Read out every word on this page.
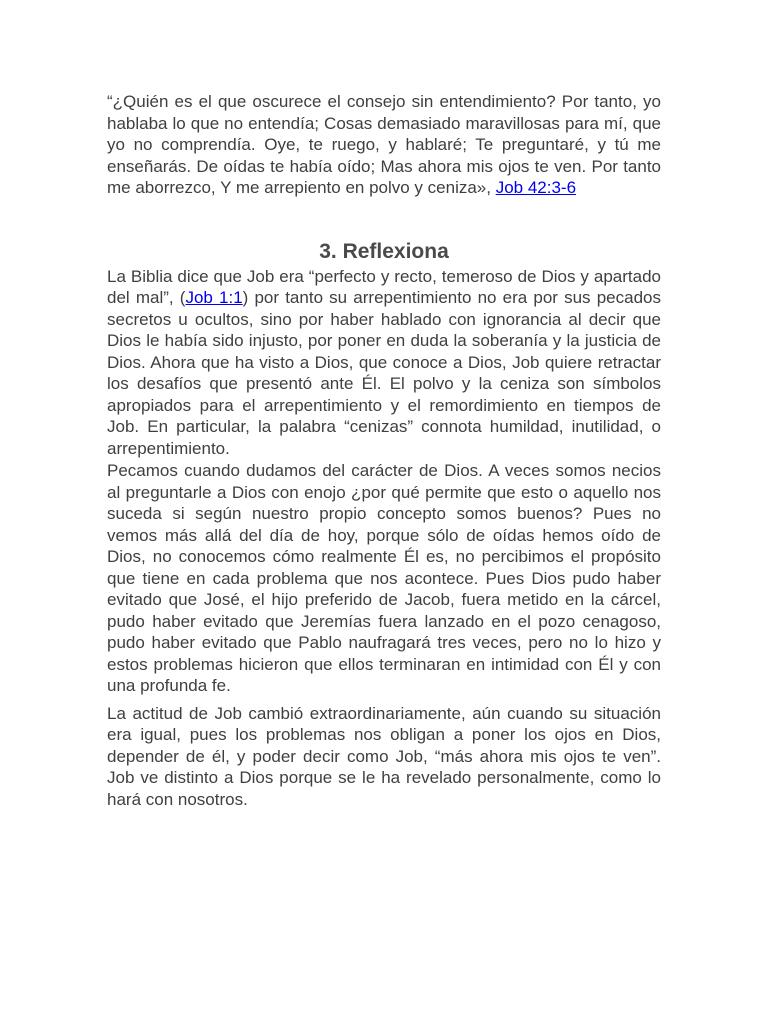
“¿Quién es el que oscurece el consejo sin entendimiento? Por tanto, yo hablaba lo que no entendía; Cosas demasiado maravillosas para mí, que yo no comprendía. Oye, te ruego, y hablaré; Te preguntaré, y tú me enseñarás. De oídas te había oído; Mas ahora mis ojos te ven. Por tanto me aborrezco, Y me arrepiento en polvo y ceniza», Job 42:3-6

3. Reflexiona

La Biblia dice que Job era “perfecto y recto, temeroso de Dios y apartado del mal”, (Job 1:1) por tanto su arrepentimiento no era por sus pecados secretos u ocultos, sino por haber hablado con ignorancia al decir que Dios le había sido injusto, por poner en duda la soberanía y la justicia de Dios. Ahora que ha visto a Dios, que conoce a Dios, Job quiere retractar los desafíos que presentó ante Él. El polvo y la ceniza son símbolos apropiados para el arrepentimiento y el remordimiento en tiempos de Job. En particular, la palabra “cenizas” connota humildad, inutilidad, o arrepentimiento.

Pecamos cuando dudamos del carácter de Dios. A veces somos necios al preguntarle a Dios con enojo ¿por qué permite que esto o aquello nos suceda si según nuestro propio concepto somos buenos? Pues no vemos más allá del día de hoy, porque sólo de oídas hemos oído de Dios, no conocemos cómo realmente Él es, no percibimos el propósito que tiene en cada problema que nos acontece. Pues Dios pudo haber evitado que José, el hijo preferido de Jacob, fuera metido en la cárcel, pudo haber evitado que Jeremías fuera lanzado en el pozo cenagoso, pudo haber evitado que Pablo naufragará tres veces, pero no lo hizo y estos problemas hicieron que ellos terminaran en intimidad con Él y con una profunda fe.

La actitud de Job cambió extraordinariamente, aún cuando su situación era igual, pues los problemas nos obligan a poner los ojos en Dios, depender de él, y poder decir como Job, “más ahora mis ojos te ven”. Job ve distinto a Dios porque se le ha revelado personalmente, como lo hará con nosotros.
